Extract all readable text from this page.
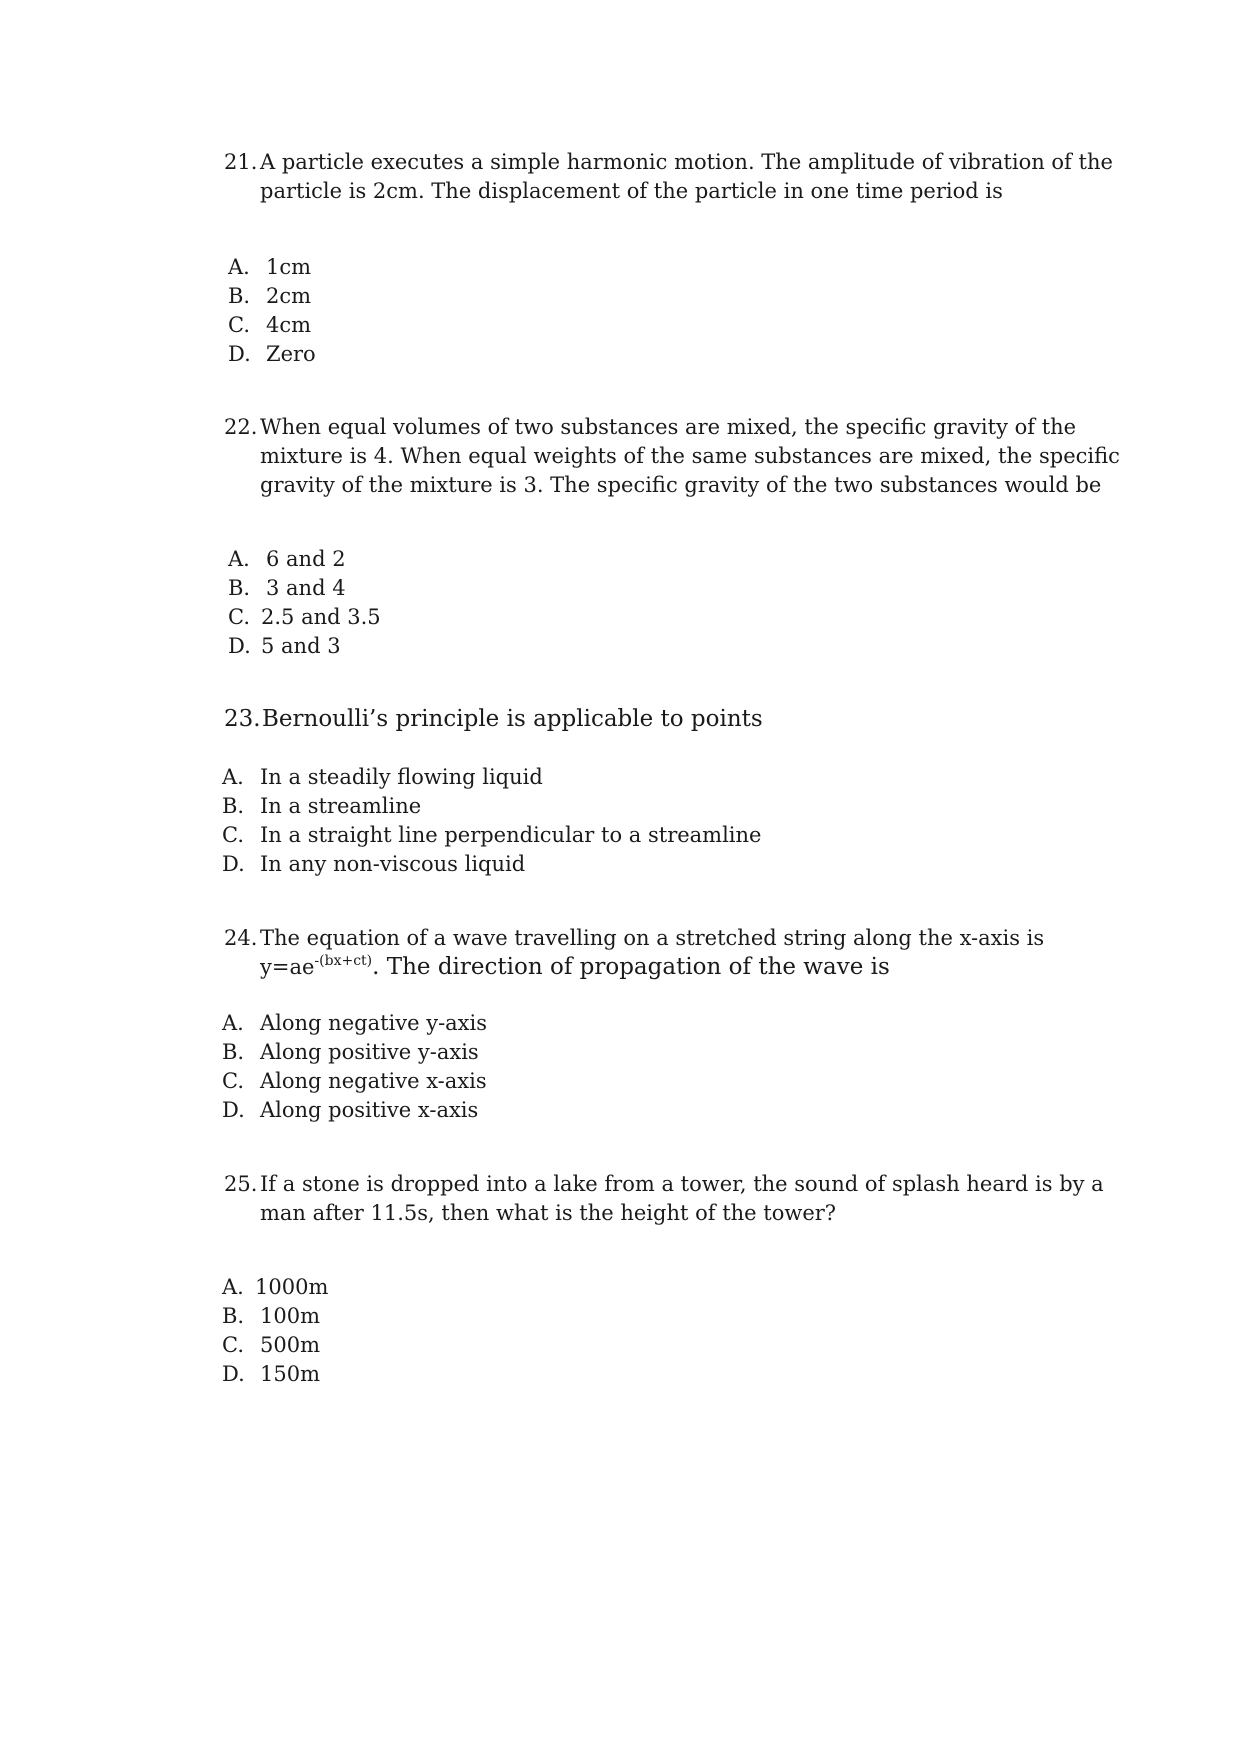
21. A particle executes a simple harmonic motion. The amplitude of vibration of the
particle is 2cm. The displacement of the particle in one time period is
A. 1cm
B. 2cm
C. 4cm
D. Zero
22. When equal volumes of two substances are mixed, the specific gravity of the
mixture is 4. When equal weights of the same substances are mixed, the specific
gravity of the mixture is 3. The specific gravity of the two substances would be
A. 6 and 2
B. 3 and 4
C. 2.5 and 3.5
D. 5 and 3
23.Bernoulli’s principle is applicable to points
A. In a steadily flowing liquid
B. In a streamline
C. In a straight line perpendicular to a streamline
D. In any non-viscous liquid
24. The equation of a wave travelling on a stretched string along the x-axis is
$y=ae^{-(bx+ct)}$. The direction of propagation of the wave is
A. Along negative y-axis
B. Along positive y-axis
C. Along negative x-axis
D. Along positive x-axis
25. If a stone is dropped into a lake from a tower, the sound of splash heard is by a
man after 11.5s, then what is the height of the tower?
A. 1000m
B. 100m
C. 500m
D. 150m
